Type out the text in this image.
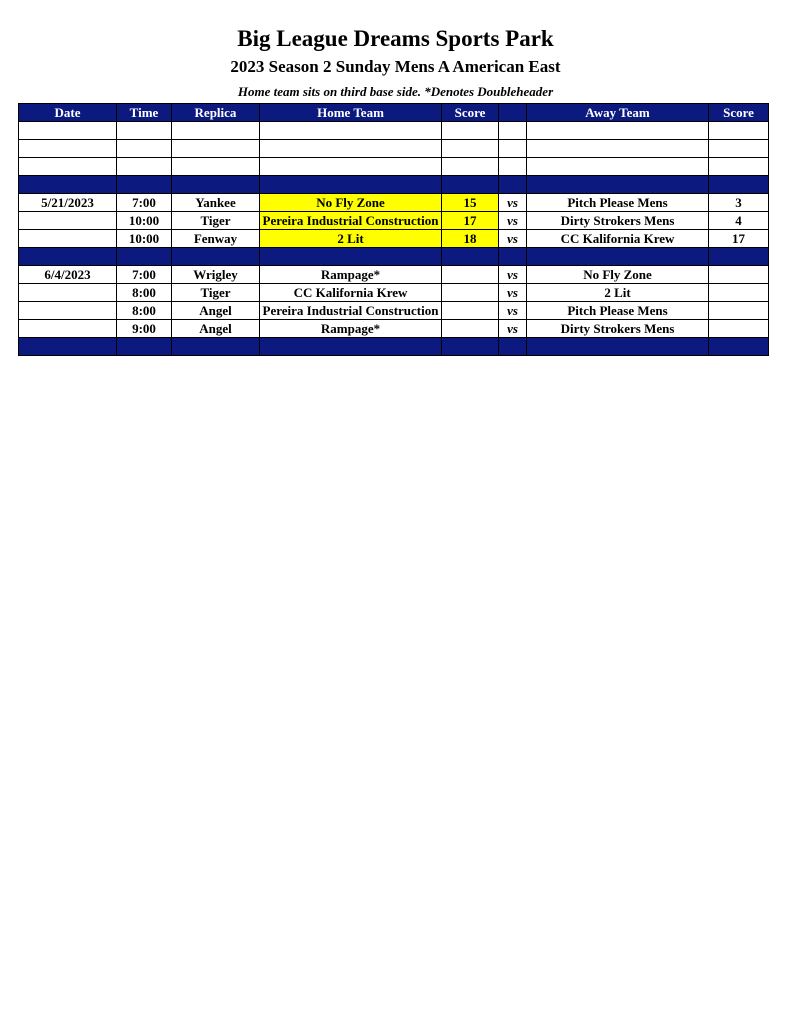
Big League Dreams Sports Park
2023 Season 2 Sunday Mens A American East
Home team sits on third base side. *Denotes Doubleheader
Date	Time	Replica	Home Team	Score		Away Team	Score

5/21/2023	7:00	Yankee	No Fly Zone	15	vs	Pitch Please Mens	3
	10:00	Tiger	Pereira Industrial Construction	17	vs	Dirty Strokers Mens	4
	10:00	Fenway	2 Lit	18	vs	CC Kalifornia Krew	17

6/4/2023	7:00	Wrigley	Rampage*		vs	No Fly Zone	
	8:00	Tiger	CC Kalifornia Krew		vs	2 Lit	
	8:00	Angel	Pereira Industrial Construction		vs	Pitch Please Mens	
	9:00	Angel	Rampage*		vs	Dirty Strokers Mens	
